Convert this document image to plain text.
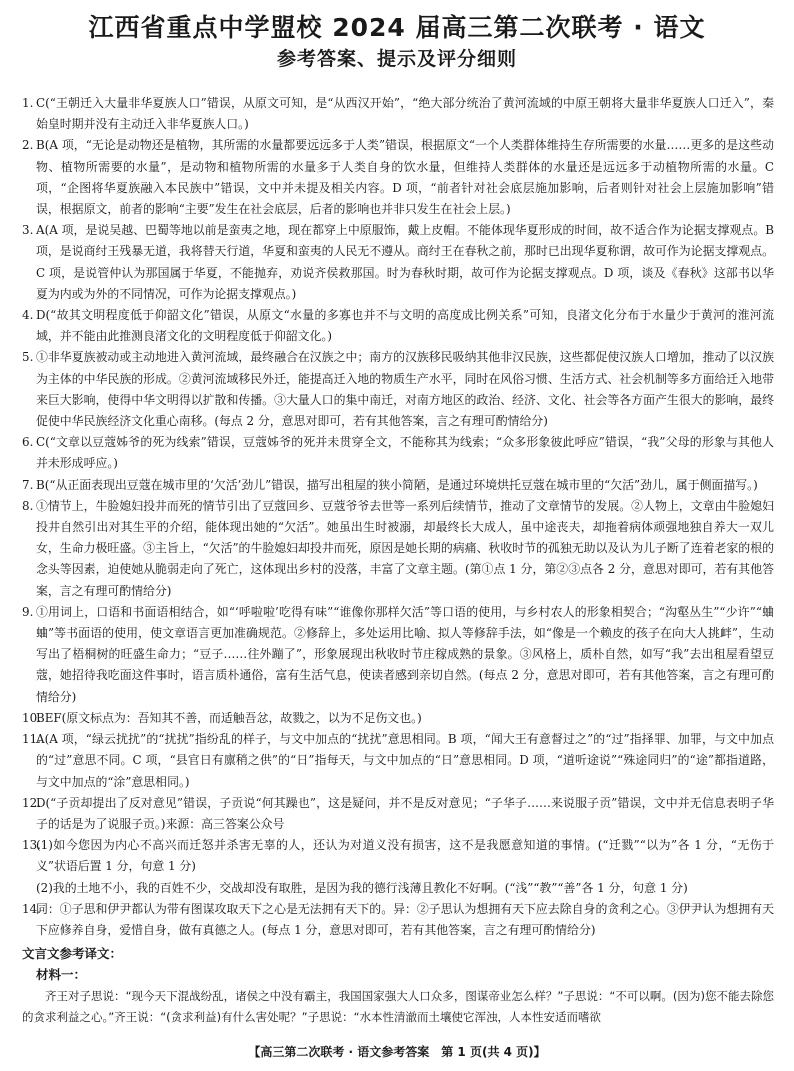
江西省重点中学盟校 2024 届高三第二次联考 · 语文
参考答案、提示及评分细则
1. C(“王朝迁入大量非华夏族人口”错误，从原文可知，是“从西汉开始”，“绝大部分统治了黄河流域的中原王朝将大量非华夏族人口迁入”，秦始皇时期并没有主动迁入非华夏族人口。)
2. B(A 项，“无论是动物还是植物，其所需的水量都要远远多于人类”错误，根据原文“一个人类群体维持生存所需要的水量……更多的是这些动物、植物所需要的水量”，是动物和植物所需的水量多于人类自身的饮水量，但维持人类群体的水量还是远远多于动植物所需的水量。C 项，“企图将华夏族融入本民族中”错误，文中并未提及相关内容。D 项，“前者针对社会底层施加影响，后者则针对社会上层施加影响”错误，根据原文，前者的影响“主要”发生在社会底层，后者的影响也并非只发生在社会上层。)
3. A(A 项，是说吴越、巴蜀等地以前是蛮夷之地，现在都穿上中原服饰，戴上皮帽。不能体现华夏形成的时间，故不适合作为论据支撑观点。B 项，是说商纣王残暴无道，我将替天行道，华夏和蛮夷的人民无不遵从。商纣王在春秋之前，那时已出现华夏称谓，故可作为论据支撑观点。C 项，是说管仲认为那国属于华夏，不能抛弃，劝说齐侯救那国。时为春秋时期，故可作为论据支撑观点。D 项，谈及《春秋》这部书以华夏为内或为外的不同情况，可作为论据支撑观点。)
4. D(“故其文明程度低于仰韶文化”错误，从原文“水量的多寡也并不与文明的高度成比例关系”可知，良渚文化分布于水量少于黄河的淮河流域，并不能由此推测良渚文化的文明程度低于仰韶文化。)
5. ①非华夏族被动或主动地进入黄河流域，最终融合在汉族之中；南方的汉族移民吸纳其他非汉民族，这些都促使汉族人口增加，推动了以汉族为主体的中华民族的形成。②黄河流域移民外迁，能提高迁入地的物质生产水平，同时在风俗习惯、生活方式、社会机制等多方面给迁入地带来巨大影响，使得中华文明得以扩散和传播。③大量人口的集中南迁，对南方地区的政治、经济、文化、社会等各方面产生很大的影响，最终促使中华民族经济文化重心南移。(每点 2 分，意思对即可，若有其他答案，言之有理可酌情给分)
6. C(“文章以豆蔻姊爷的死为线索”错误，豆蔻姊爷的死并未贯穿全文，不能称其为线索；“众多形象彼此呼应”错误，“我”父母的形象与其他人并未形成呼应。)
7. B(“从正面表现出豆蔻在城市里的‘欠活’劲儿”错误，描写出租屋的狭小简陋，是通过环境烘托豆蔻在城市里的“欠活”劲儿，属于侧面描写。)
8. ①情节上，牛脸媳妇投井而死的情节引出了豆蔻回乡、豆蔻爷爷去世等一系列后续情节，推动了文章情节的发展。②人物上，文章由牛脸媳妇投井自然引出对其生平的介绍，能体现出她的“欠活”。她虽出生时被溺，却最终长大成人，虽中途丧夫，却拖着病体顽强地独自养大一双儿女，生命力极旺盛。③主旨上，“欠活”的牛脸媳妇却投井而死，原因是她长期的病痛、秋收时节的孤独无助以及认为儿子断了连着老家的根的念头等因素，迫使她从脆弱走向了死亡，这体现出乡村的没落，丰富了文章主题。(第①点 1 分，第②③点各 2 分，意思对即可，若有其他答案，言之有理可酌情给分)
9. ①用词上，口语和书面语相结合，如“‘呼啦啦’吃得有味”“谁像你那样欠活”等口语的使用，与乡村农人的形象相契合；“沟壑丛生”“少许”“蛐蛐”等书面语的使用，使文章语言更加准确规范。②修辞上，多处运用比喻、拟人等修辞手法，如“像是一个赖皮的孩子在向大人挑衅”，生动写出了梧桐树的旺盛生命力；“豆子……往外蹦了”，形象展现出秋收时节庄稼成熟的景象。③风格上，质朴自然，如写“我”去出租屋看望豆蔻，她招待我吃面这件事时，语言质朴通俗，富有生活气息，使读者感到亲切自然。(每点 2 分，意思对即可，若有其他答案，言之有理可酌情给分)
10.
BEF(原文标点为：吾知其不善，而适触吾忿，故戮之，以为不足伤文也。)
11.
A(A 项，“绿云扰扰”的“扰扰”指纷乱的样子，与文中加点的“扰扰”意思相同。B 项，“闻大王有意督过之”的“过”指择罪、加罪，与文中加点的“过”意思不同。C 项，“县官日有廪稍之供”的“日”指每天，与文中加点的“日”意思相同。D 项，“道听途说”“殊途同归”的“途”都指道路，与文中加点的“涂”意思相同。)
12.
D(“子贡却提出了反对意见”错误，子贡说“何其躁也”，这是疑问，并不是反对意见；“子华子……来说服子贡”错误，文中并无信息表明子华子的话是为了说服子贡。)来源：高三答案公众号
13.
(1)如今您因为内心不高兴而迁怒并杀害无辜的人，还认为对道义没有损害，这不是我愿意知道的事情。(“迁戮”“以为”各 1 分，“无伤于义”状语后置 1 分，句意 1 分)
(2)我的土地不小，我的百姓不少，交战却没有取胜，是因为我的德行浅薄且教化不好啊。(“浅”“教”“善”各 1 分，句意 1 分)
14.
同：①子思和伊尹都认为带有图谋攻取天下之心是无法拥有天下的。异：②子思认为想拥有天下应去除自身的贪利之心。③伊尹认为想拥有天下应修养自身，爱惜自身，做有真德之人。(每点 1 分，意思对即可，若有其他答案，言之有理可酌情给分)
文言文参考译文：
材料一：
齐王对子思说：“现今天下混战纷乱，诸侯之中没有霸主，我国国家强大人口众多，图谋帝业怎么样？”子思说：“不可以啊。(因为)您不能去除您的贪求利益之心。”齐王说：“(贪求利益)有什么害处呢？”子思说：“水本性清澈而土壤使它浑浊，人本性安适而嗜欲
【高三第二次联考 · 语文参考答案　第 1 页(共 4 页)】
